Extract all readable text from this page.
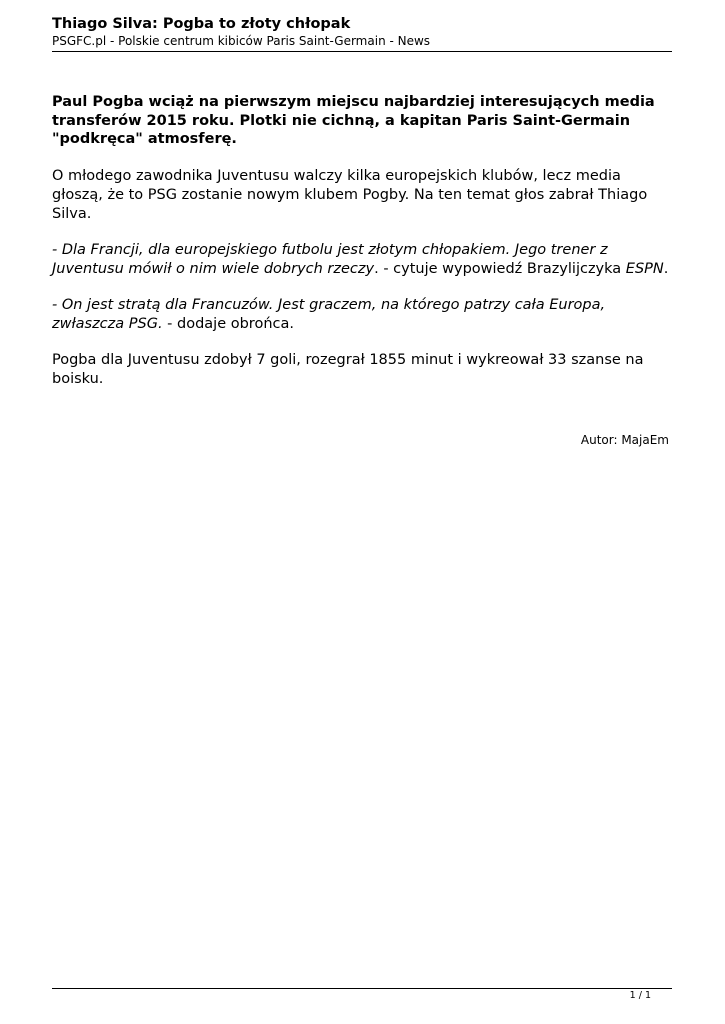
Thiago Silva: Pogba to złoty chłopak

PSGFC.pl - Polskie centrum kibiców Paris Saint-Germain - News

Paul Pogba wciąż na pierwszym miejscu najbardziej interesujących media transferów 2015 roku. Plotki nie cichną, a kapitan Paris Saint-Germain "podkręca" atmosferę.

O młodego zawodnika Juventusu walczy kilka europejskich klubów, lecz media głoszą, że to PSG zostanie nowym klubem Pogby. Na ten temat głos zabrał Thiago Silva.

- Dla Francji, dla europejskiego futbolu jest złotym chłopakiem. Jego trener z Juventusu mówił o nim wiele dobrych rzeczy. - cytuje wypowiedź Brazylijczyka ESPN.

- On jest stratą dla Francuzów. Jest graczem, na którego patrzy cała Europa, zwłaszcza PSG. - dodaje obrońca.

Pogba dla Juventusu zdobył 7 goli, rozegrał 1855 minut i wykreował 33 szanse na boisku.

Autor: MajaEm
1 / 1
